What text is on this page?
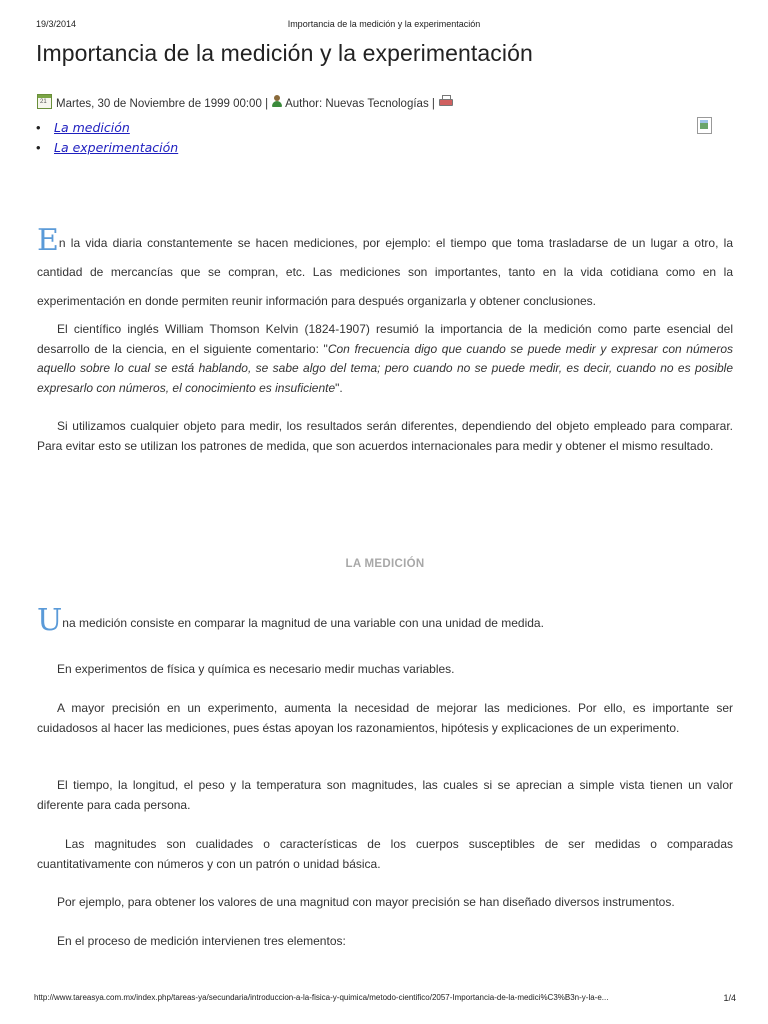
19/3/2014	Importancia de la medición y la experimentación
Importancia de la medición y la experimentación
21
Martes, 30 de Noviembre de 1999 00:00
| Author: Nuevas Tecnologías
|
• La medición
• La experimentación

En la vida diaria constantemente se hacen mediciones, por ejemplo: el tiempo que toma trasladarse de un lugar a otro, la cantidad de mercancías que se compran, etc. Las mediciones son importantes, tanto en la vida cotidiana como en la experimentación en donde permiten reunir información para después organizarla y obtener conclusiones.

El científico inglés William Thomson Kelvin (1824-1907) resumió la importancia de la medición como parte esencial del desarrollo de la ciencia, en el siguiente comentario: "Con frecuencia digo que cuando se puede medir y expresar con números aquello sobre lo cual se está hablando, se sabe algo del tema; pero cuando no se puede medir, es decir, cuando no es posible expresarlo con números, el conocimiento es insuficiente".

Si utilizamos cualquier objeto para medir, los resultados serán diferentes, dependiendo del objeto empleado para comparar. Para evitar esto se utilizan los patrones de medida, que son acuerdos internacionales para medir y obtener el mismo resultado.

LA MEDICIÓN

Una medición consiste en comparar la magnitud de una variable con una unidad de medida.

En experimentos de física y química es necesario medir muchas variables.

A mayor precisión en un experimento, aumenta la necesidad de mejorar las mediciones. Por ello, es importante ser cuidadosos al hacer las mediciones, pues éstas apoyan los razonamientos, hipótesis y explicaciones de un experimento.

El tiempo, la longitud, el peso y la temperatura son magnitudes, las cuales si se aprecian a simple vista tienen un valor diferente para cada persona.

Las magnitudes son cualidades o características de los cuerpos susceptibles de ser medidas o comparadas cuantitativamente con números y con un patrón o unidad básica.

Por ejemplo, para obtener los valores de una magnitud con mayor precisión se han diseñado diversos instrumentos.

En el proceso de medición intervienen tres elementos:

http://www.tareasya.com.mx/index.php/tareas-ya/secundaria/introduccion-a-la-fisica-y-quimica/metodo-cientifico/2057-Importancia-de-la-medici%C3%B3n-y-la-e...	1/4
